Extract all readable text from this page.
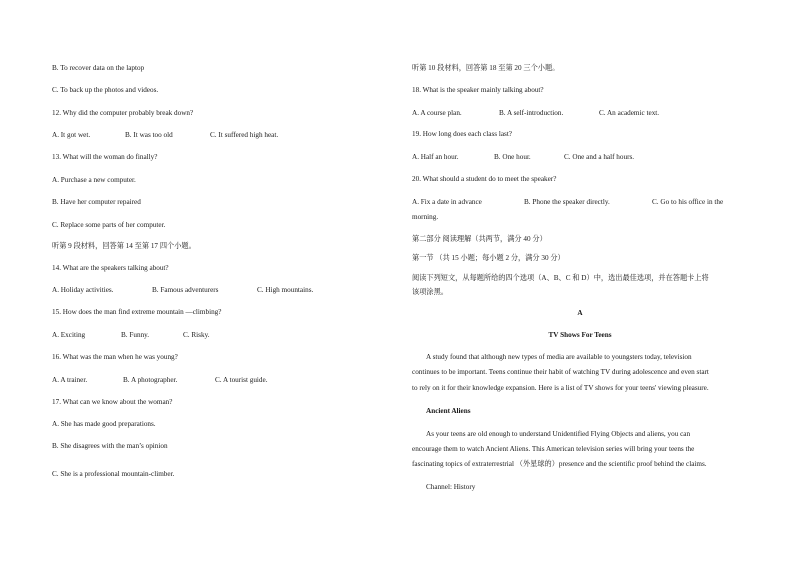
B. To recover data on the laptop
C. To back up the photos and videos.
12. Why did the computer probably break down?
A. It got wet.	B. It was too old	C. It suffered high heat.
13. What will the woman do finally?
A. Purchase a new computer.
B. Have her computer repaired
C. Replace some parts of her computer.
听第 9 段材料，回答第 14 至第 17 四个小题。
14. What are the speakers talking about?
A. Holiday activities.	B. Famous adventurers	C. High mountains.
15. How does the man find extreme mountain —climbing?
A. Exciting	B. Funny.	C. Risky.
16. What was the man when he was young?
A. A trainer.	B. A photographer.	C. A tourist guide.
17. What can we know about the woman?
A. She has made good preparations.
B. She disagrees with the man’s opinion
C. She is a professional mountain-climber.
听第 10 段材料，回答第 18 至第 20 三个小题。
18. What is the speaker mainly talking about?
A. A course plan.	B. A self-introduction.	C. An academic text.
19. How long does each class last?
A. Half an hour.	B. One hour.	C. One and a half hours.
20. What should a student do to meet the speaker?
A. Fix a date in advance	B. Phone the speaker directly.	C. Go to his office in the
morning.
第二部分 阅读理解（共两节，满分 40 分）
第一节 （共 15 小题；每小题 2 分，满分 30 分）
阅读下列短文，从每题所给的四个选项（A、B、C 和 D）中，选出最佳选项，并在答题卡上将
该项涂黑。
A
TV Shows For Teens
A study found that although new types of media are available to youngsters today, television
continues to be important. Teens continue their habit of watching TV during adolescence and even start
to rely on it for their knowledge expansion. Here is a list of TV shows for your teens' viewing pleasure.
Ancient Aliens
As your teens are old enough to understand Unidentified Flying Objects and aliens, you can
encourage them to watch Ancient Aliens. This American television series will bring your teens the
fascinating topics of extraterrestrial （外星球的）presence and the scientific proof behind the claims.
Channel: History
